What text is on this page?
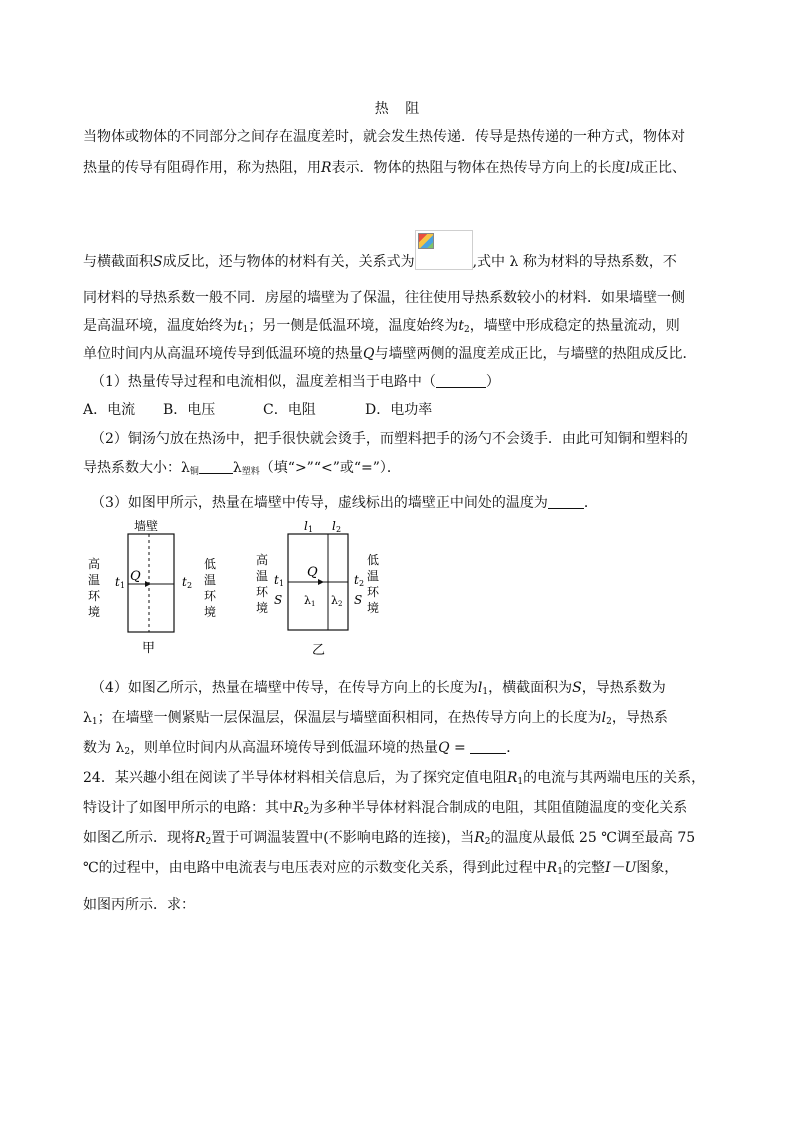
热 阻
当物体或物体的不同部分之间存在温度差时，就会发生热传递．传导是热传递的一种方式，物体对
热量的传导有阻碍作用，称为热阻，用R表示．物体的热阻与物体在热传导方向上的长度l成正比、
与横截面积S成反比，还与物体的材料有关，关系式为	,式中 λ 称为材料的导热系数，不
同材料的导热系数一般不同．房屋的墙壁为了保温，往往使用导热系数较小的材料．如果墙壁一侧
是高温环境，温度始终为$t_1$；另一侧是低温环境，温度始终为$t_2$，墙壁中形成稳定的热量流动，则
单位时间内从高温环境传导到低温环境的热量Q与墙壁两侧的温度差成正比，与墙壁的热阻成反比．
（1）热量传导过程和电流相似，温度差相当于电路中（	）
A．电流 B．电压	C．电阻	D．电功率
（2）铜汤勺放在热汤中，把手很快就会烫手，而塑料把手的汤勺不会烫手．由此可知铜和塑料的
导热系数大小：$\lambda_铜$ $\lambda_{塑料}$（填“>”“<”或“=”）．
（3）如图甲所示，热量在墙壁中传导，虚线标出的墙壁正中间处的温度为	．
墙壁
Q
t 1	t 2
高
温
环
境
低
温
环
境
甲
l 1 l 2
Q
t 1	t 2
S	S
λ 1 λ 2
高
温
环
境
低
温
环
境
乙
（4）如图乙所示，热量在墙壁中传导，在传导方向上的长度为$l_1$，横截面积为S，导热系数为
$\lambda_1$；在墙壁一侧紧贴一层保温层，保温层与墙壁面积相同，在热传导方向上的长度为$l_2$，导热系
数为 $\lambda_2$，则单位时间内从高温环境传导到低温环境的热量Q =	．
24．某兴趣小组在阅读了半导体材料相关信息后，为了探究定值电阻$R_1$的电流与其两端电压的关系，
特设计了如图甲所示的电路：其中$R_2$为多种半导体材料混合制成的电阻，其阻值随温度的变化关系
如图乙所示．现将$R_2$置于可调温装置中(不影响电路的连接)，当$R_2$的温度从最低 25 ℃调至最高 75
℃的过程中，由电路中电流表与电压表对应的示数变化关系，得到此过程中$R_1$的完整I－U图象，
如图丙所示．求：
